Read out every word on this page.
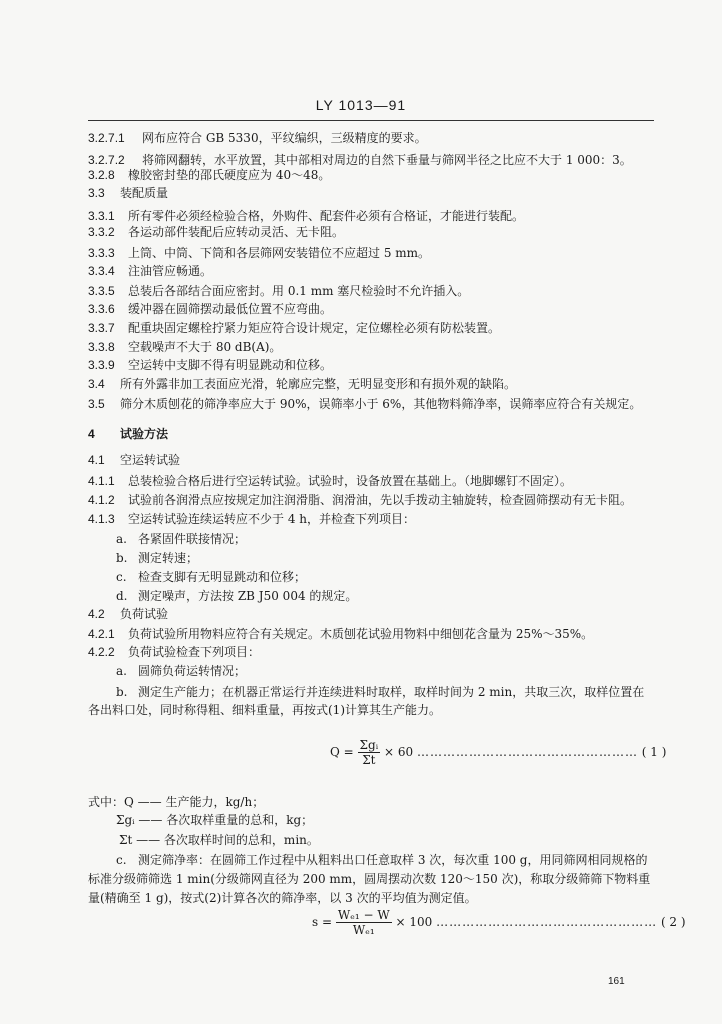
LY 1013—91
3.2.7.1 网布应符合 GB 5330，平纹编织，三级精度的要求。
3.2.7.2 将筛网翻转，水平放置，其中部相对周边的自然下垂量与筛网半径之比应不大于 1 000：3。
3.2.8 橡胶密封垫的邵氏硬度应为 40～48。
3.3 装配质量
3.3.1 所有零件必须经检验合格，外购件、配套件必须有合格证，才能进行装配。
3.3.2 各运动部件装配后应转动灵活、无卡阻。
3.3.3 上筒、中筒、下筒和各层筛网安装错位不应超过 5 mm。
3.3.4 注油管应畅通。
3.3.5 总装后各部结合面应密封。用 0.1 mm 塞尺检验时不允许插入。
3.3.6 缓冲器在圆筛摆动最低位置不应弯曲。
3.3.7 配重块固定螺栓拧紧力矩应符合设计规定，定位螺栓必须有防松装置。
3.3.8 空载噪声不大于 80 dB(A)。
3.3.9 空运转中支脚不得有明显跳动和位移。
3.4 所有外露非加工表面应光滑，轮廓应完整，无明显变形和有损外观的缺陷。
3.5 筛分木质刨花的筛净率应大于 90%，误筛率小于 6%，其他物料筛净率，误筛率应符合有关规定。
4 试验方法
4.1 空运转试验
4.1.1 总装检验合格后进行空运转试验。试验时，设备放置在基础上。（地脚螺钉不固定）。
4.1.2 试验前各润滑点应按规定加注润滑脂、润滑油，先以手拨动主轴旋转，检查圆筛摆动有无卡阻。
4.1.3 空运转试验连续运转应不少于 4 h，并检查下列项目：
a. 各紧固件联接情况；
b. 测定转速；
c. 检查支脚有无明显跳动和位移；
d. 测定噪声，方法按 ZB J50 004 的规定。
4.2 负荷试验
4.2.1 负荷试验所用物料应符合有关规定。木质刨花试验用物料中细刨花含量为 25%～35%。
4.2.2 负荷试验检查下列项目：
a. 圆筛负荷运转情况；
b. 测定生产能力；在机器正常运行并连续进料时取样，取样时间为 2 min，共取三次，取样位置在
各出料口处，同时称得粗、细料重量，再按式(1)计算其生产能力。
$Q = \frac{\text{Σgᵢ}}{\Sigma t} \times 60$ …………………………………………… ( 1 )
式中：Q —— 生产能力，kg/h；
Σgᵢ —— 各次取样重量的总和，kg；
Σt —— 各次取样时间的总和，min。
c. 测定筛净率：在圆筛工作过程中从粗料出口任意取样 3 次，每次重 100 g，用同筛网相同规格的
标准分级筛筛选 1 min(分级筛网直径为 200 mm，圆周摆动次数 120～150 次)，称取分级筛筛下物料重
量(精确至 1 g)，按式(2)计算各次的筛净率，以 3 次的平均值为测定值。
$s = \frac{\text{Wₑ₁ − W}}{\text{Wₑ₁}} \times 100$ …………………………………………… ( 2 )
161
